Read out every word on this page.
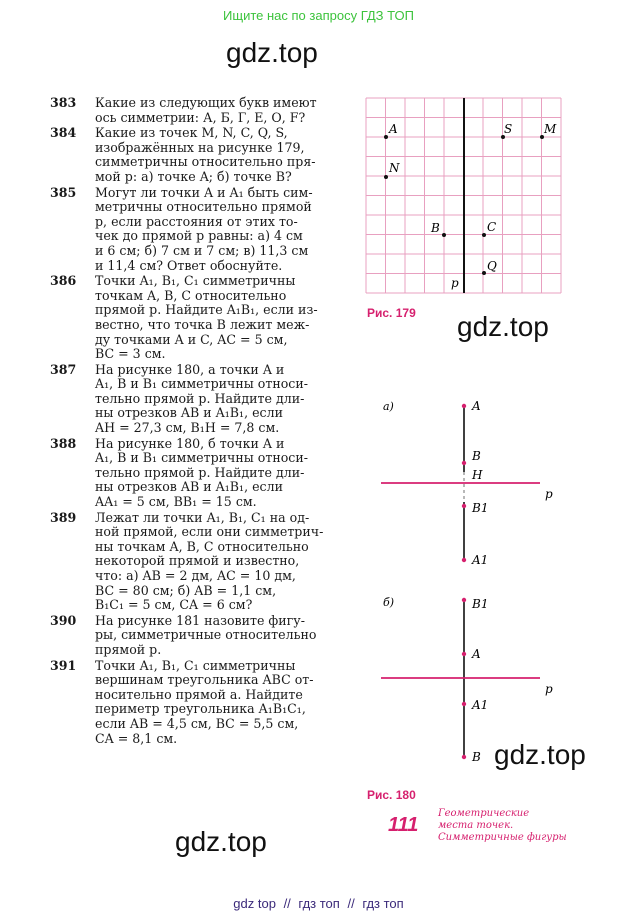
Ищите нас по запросу ГДЗ ТОП
gdz.top
gdz.top
gdz.top
gdz.top
383	Какие из следующих букв имеют
ось симметрии: А, Б, Г, Е, О, F?
384	Какие из точек M, N, C, Q, S,
изображённых на рисунке 179,
симметричны относительно пря-
мой p: а) точке A; б) точке B?
385	Могут ли точки A и A₁ быть сим-
метричны относительно прямой
p, если расстояния от этих то-
чек до прямой p равны: а) 4 см
и 6 см; б) 7 см и 7 см; в) 11,3 см
и 11,4 см? Ответ обоснуйте.
386	Точки A₁, B₁, C₁ симметричны
точкам A, B, C относительно
прямой p. Найдите A₁B₁, если из-
вестно, что точка B лежит меж-
ду точками A и C, AC = 5 см,
BC = 3 см.
387	На рисунке 180, а точки A и
A₁, B и B₁ симметричны относи-
тельно прямой p. Найдите дли-
ны отрезков AB и A₁B₁, если
AH = 27,3 см, B₁H = 7,8 см.
388	На рисунке 180, б точки A и
A₁, B и B₁ симметричны относи-
тельно прямой p. Найдите дли-
ны отрезков AB и A₁B₁, если
AA₁ = 5 см, BB₁ = 15 см.
389	Лежат ли точки A₁, B₁, C₁ на од-
ной прямой, если они симметрич-
ны точкам A, B, C относительно
некоторой прямой и известно,
что: а) AB = 2 дм, AC = 10 дм,
BC = 80 см; б) AB = 1,1 см,
B₁C₁ = 5 см, CA = 6 см?
390	На рисунке 181 назовите фигу-
ры, симметричные относительно
прямой p.
391	Точки A₁, B₁, C₁ симметричны
вершинам треугольника ABC от-
носительно прямой a. Найдите
периметр треугольника A₁B₁C₁,
если AB = 4,5 см, BC = 5,5 см,
CA = 8,1 см.
p
A	S	M
N
B	C
Q
Рис. 179
а)
p
A
B
H
B1
A1
б)
p
B1
A
A1
B
Рис. 180
111
Геометрические
места точек.
Симметричные фигуры
gdz top // гдз топ // гдз топ
